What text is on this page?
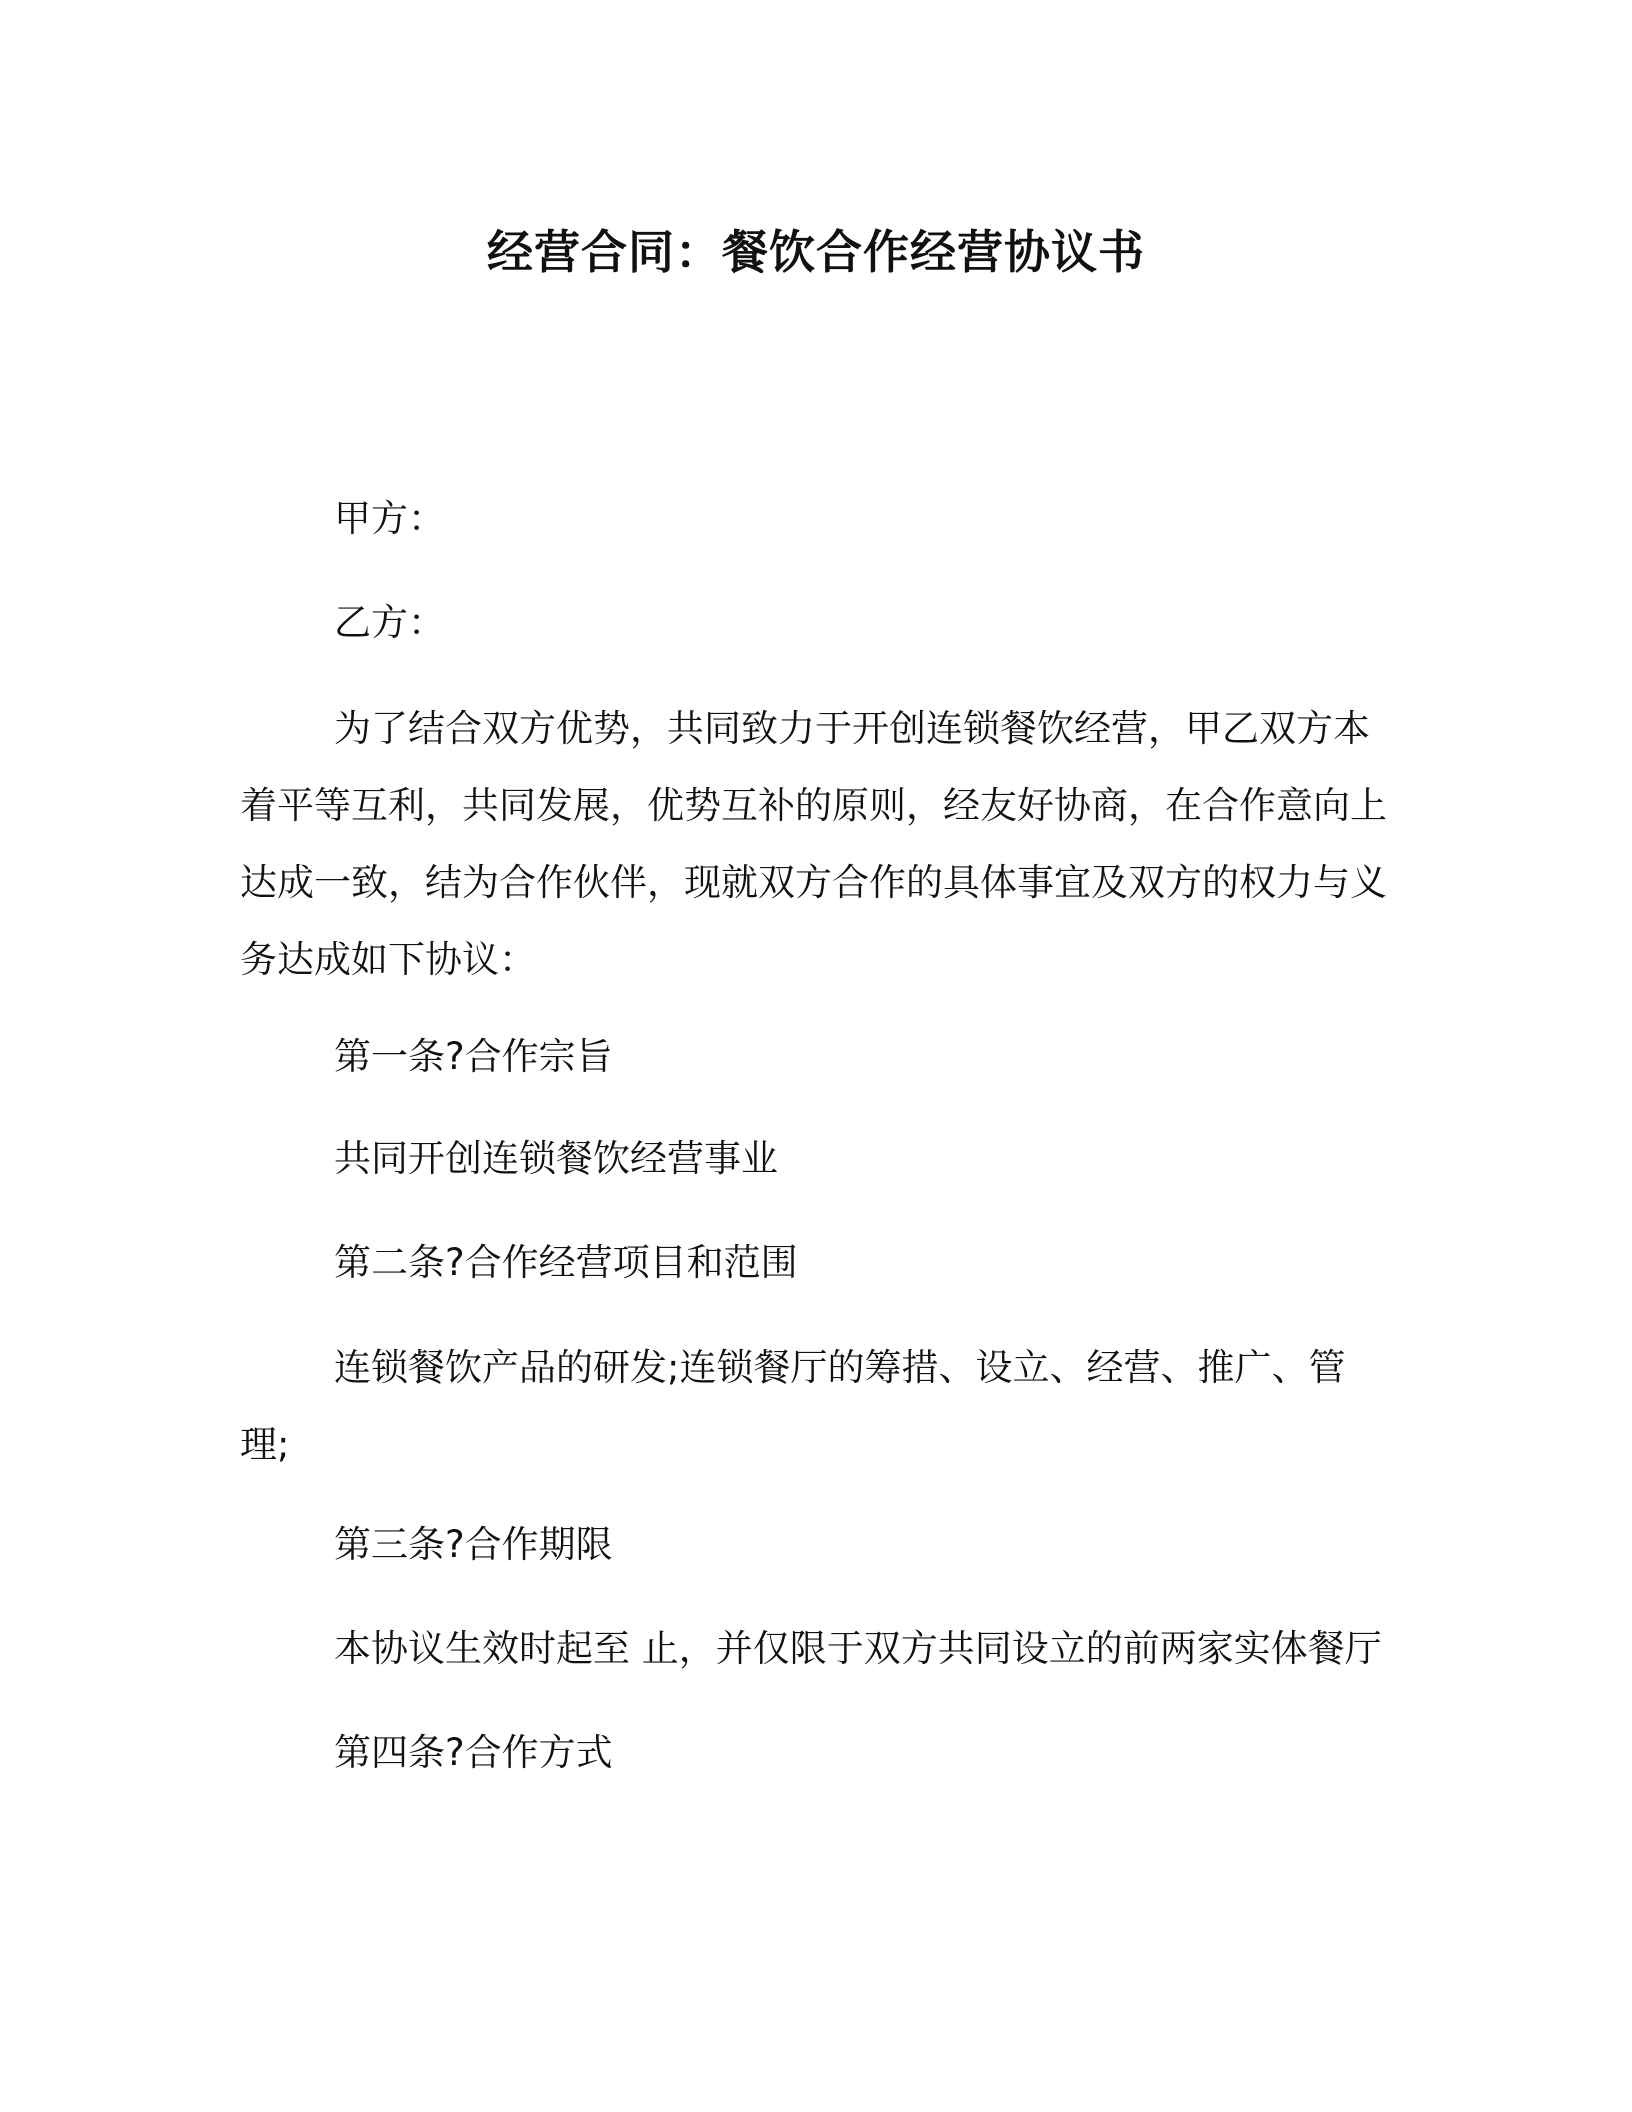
经营合同：餐饮合作经营协议书

甲方：

乙方：

为了结合双方优势，共同致力于开创连锁餐饮经营，甲乙双方本着平等互利，共同发展，优势互补的原则，经友好协商，在合作意向上达成一致，结为合作伙伴，现就双方合作的具体事宜及双方的权力与义务达成如下协议：

第一条?合作宗旨

共同开创连锁餐饮经营事业

第二条?合作经营项目和范围

连锁餐饮产品的研发;连锁餐厅的筹措、设立、经营、推广、管理;

第三条?合作期限

本协议生效时起至 止，并仅限于双方共同设立的前两家实体餐厅

第四条?合作方式
